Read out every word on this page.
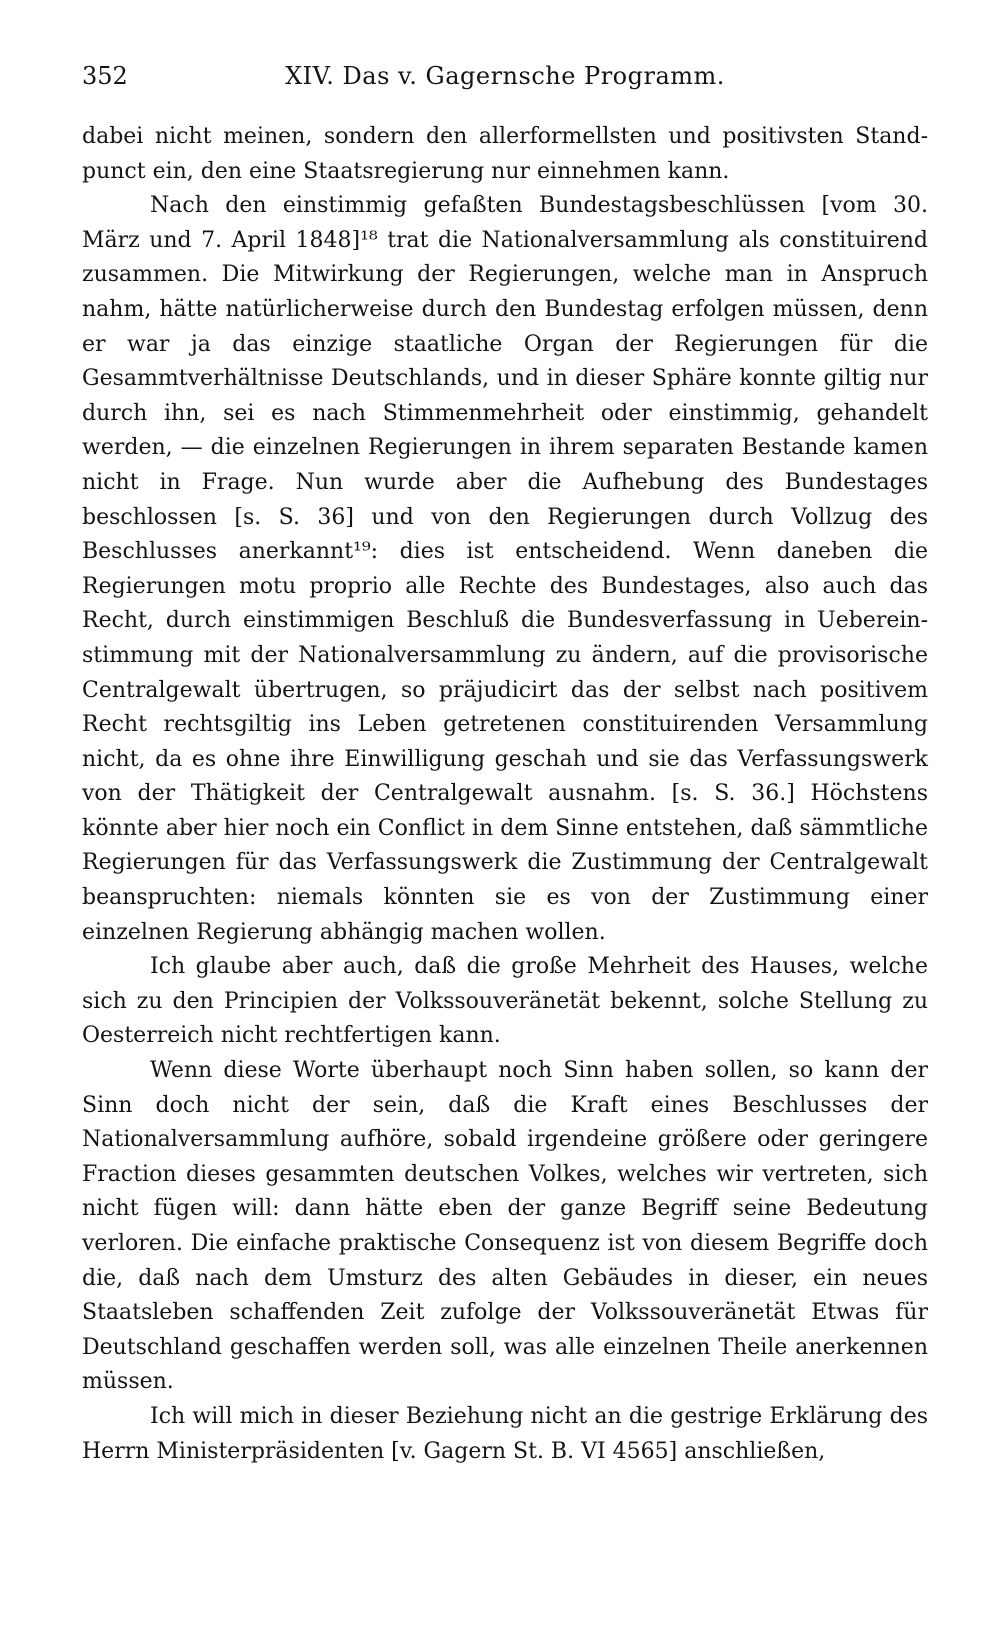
352	XIV. Das v. Gagernsche Programm.

dabei nicht meinen, sondern den allerformellsten und positivsten Standpunct ein, den eine Staatsregierung nur einnehmen kann.

Nach den einstimmig gefaßten Bundestagsbeschlüssen [vom 30. März und 7. April 1848]¹⁸ trat die Nationalversammlung als constituirend zusammen. Die Mitwirkung der Regierungen, welche man in Anspruch nahm, hätte natürlicherweise durch den Bundestag erfolgen müssen, denn er war ja das einzige staatliche Organ der Regierungen für die Gesammtverhältnisse Deutschlands, und in dieser Sphäre konnte giltig nur durch ihn, sei es nach Stimmenmehrheit oder einstimmig, gehandelt werden, — die einzelnen Regierungen in ihrem separaten Bestande kamen nicht in Frage. Nun wurde aber die Aufhebung des Bundestages beschlossen [s. S. 36] und von den Regierungen durch Vollzug des Beschlusses anerkannt¹⁹: dies ist entscheidend. Wenn daneben die Regierungen motu proprio alle Rechte des Bundestages, also auch das Recht, durch einstimmigen Beschluß die Bundesverfassung in Uebereinstimmung mit der Nationalversammlung zu ändern, auf die provisorische Centralgewalt übertrugen, so präjudicirt das der selbst nach positivem Recht rechtsgiltig ins Leben getretenen constituirenden Versammlung nicht, da es ohne ihre Einwilligung geschah und sie das Verfassungswerk von der Thätigkeit der Centralgewalt ausnahm. [s. S. 36.] Höchstens könnte aber hier noch ein Conflict in dem Sinne entstehen, daß sämmtliche Regierungen für das Verfassungswerk die Zustimmung der Centralgewalt beanspruchten: niemals könnten sie es von der Zustimmung einer einzelnen Regierung abhängig machen wollen.

Ich glaube aber auch, daß die große Mehrheit des Hauses, welche sich zu den Principien der Volkssouveränetät bekennt, solche Stellung zu Oesterreich nicht rechtfertigen kann.

Wenn diese Worte überhaupt noch Sinn haben sollen, so kann der Sinn doch nicht der sein, daß die Kraft eines Beschlusses der Nationalversammlung aufhöre, sobald irgendeine größere oder geringere Fraction dieses gesammten deutschen Volkes, welches wir vertreten, sich nicht fügen will: dann hätte eben der ganze Begriff seine Bedeutung verloren. Die einfache praktische Consequenz ist von diesem Begriffe doch die, daß nach dem Umsturz des alten Gebäudes in dieser, ein neues Staatsleben schaffenden Zeit zufolge der Volkssouveränetät Etwas für Deutschland geschaffen werden soll, was alle einzelnen Theile anerkennen müssen.

Ich will mich in dieser Beziehung nicht an die gestrige Erklärung des Herrn Ministerpräsidenten [v. Gagern St. B. VI 4565] anschließen,
